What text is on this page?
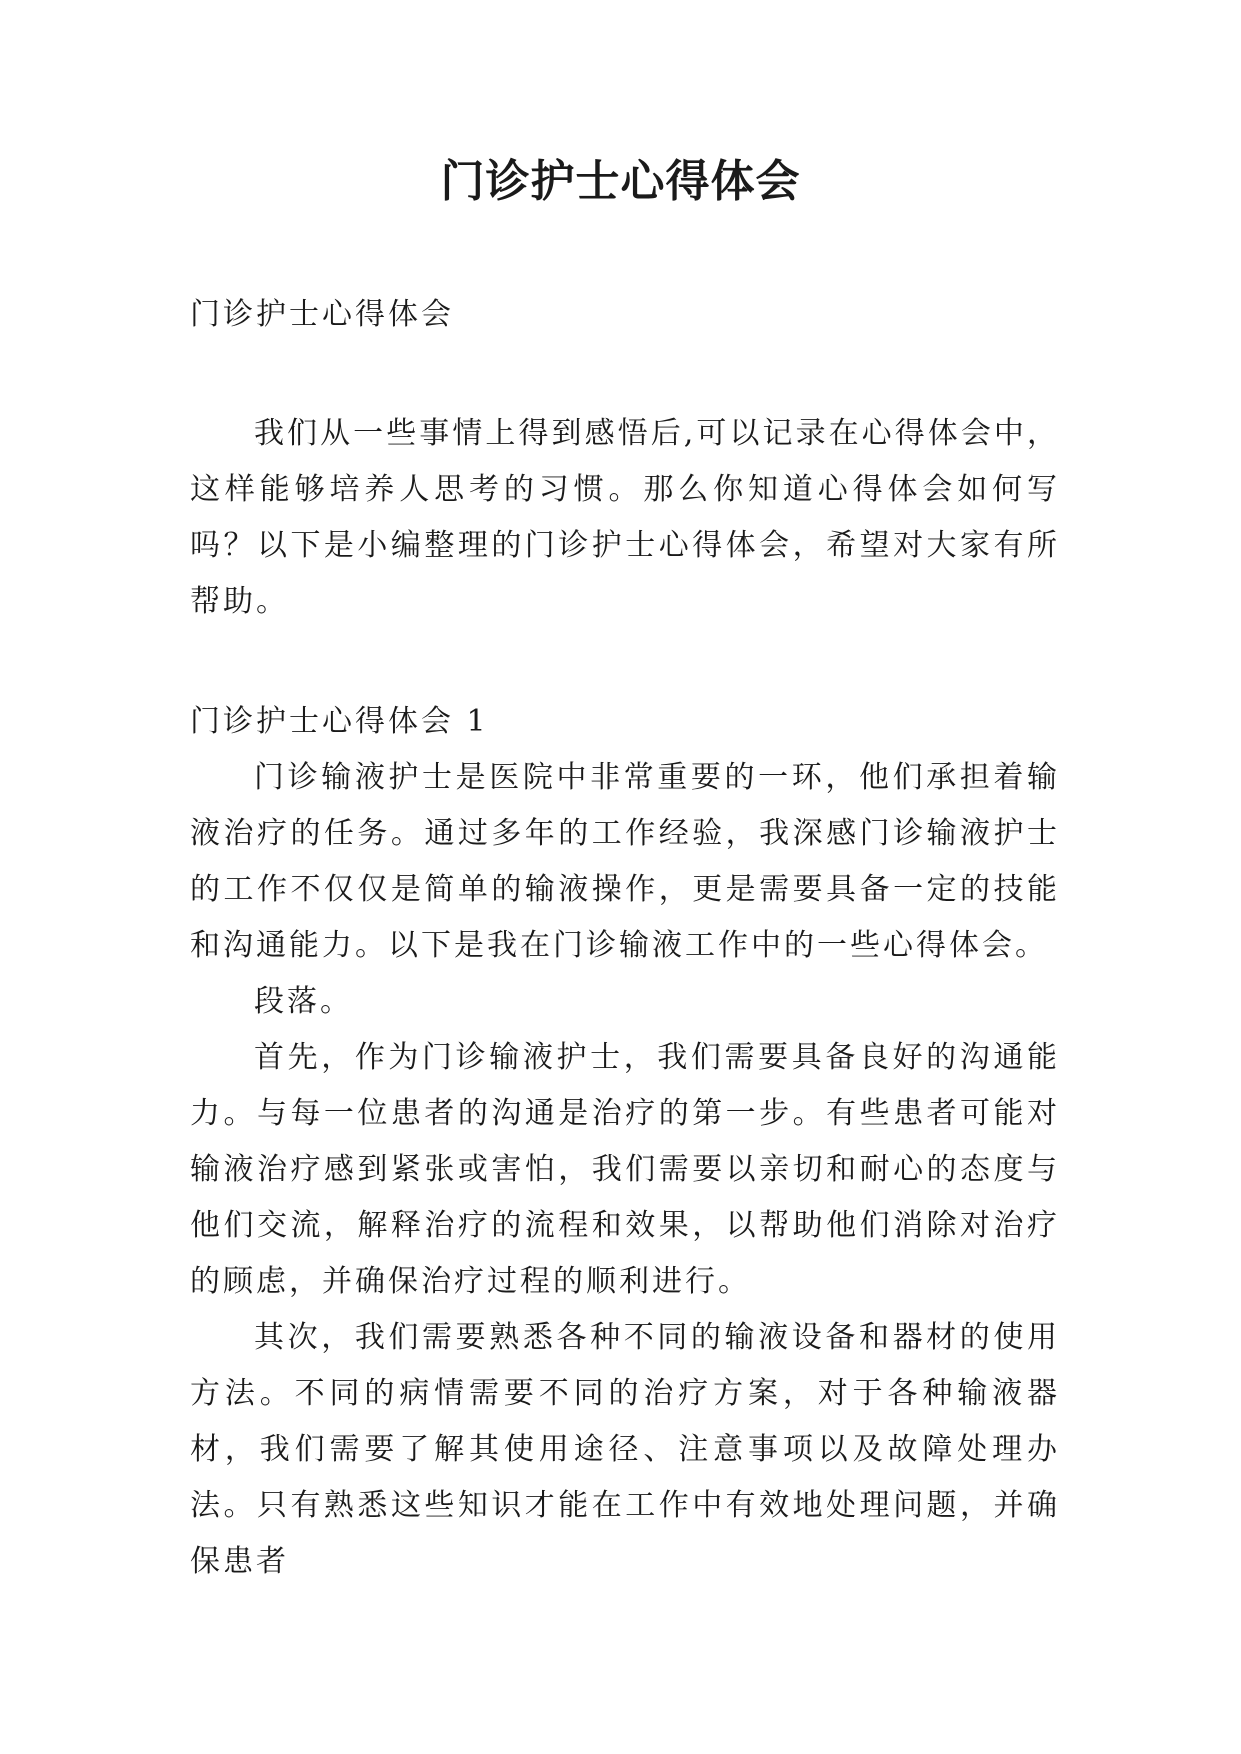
门诊护士心得体会
门诊护士心得体会

我们从一些事情上得到感悟后,可以记录在心得体会中，这样能够培养人思考的习惯。那么你知道心得体会如何写吗？以下是小编整理的门诊护士心得体会，希望对大家有所帮助。

门诊护士心得体会 1

门诊输液护士是医院中非常重要的一环，他们承担着输液治疗的任务。通过多年的工作经验，我深感门诊输液护士的工作不仅仅是简单的输液操作，更是需要具备一定的技能和沟通能力。以下是我在门诊输液工作中的一些心得体会。

段落。

首先，作为门诊输液护士，我们需要具备良好的沟通能力。与每一位患者的沟通是治疗的第一步。有些患者可能对输液治疗感到紧张或害怕，我们需要以亲切和耐心的态度与他们交流，解释治疗的流程和效果，以帮助他们消除对治疗的顾虑，并确保治疗过程的顺利进行。

其次，我们需要熟悉各种不同的输液设备和器材的使用方法。不同的病情需要不同的治疗方案，对于各种输液器材，我们需要了解其使用途径、注意事项以及故障处理办法。只有熟悉这些知识才能在工作中有效地处理问题，并确保患者
